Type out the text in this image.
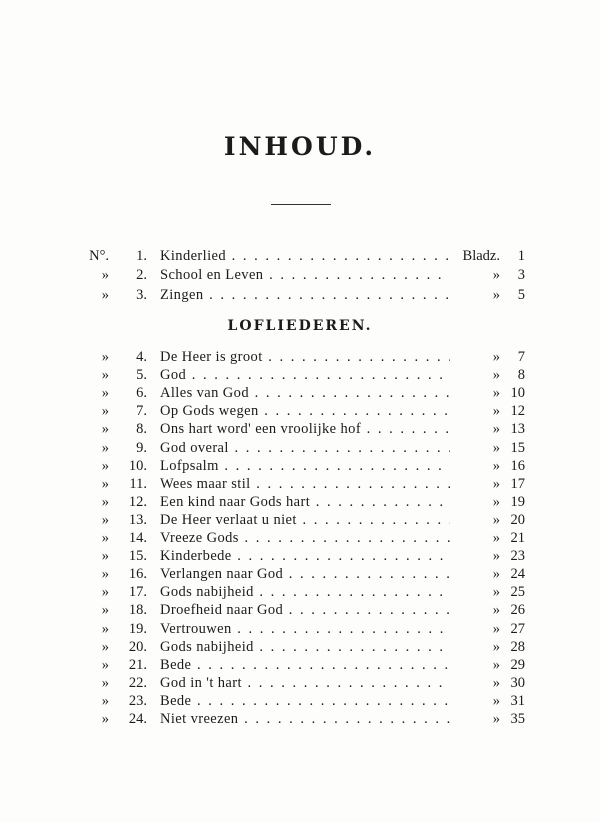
INHOUD.
N°. 1. Kinderlied . . .	Bladz.	1
» 2. School en Leven . . .	»	3
» 3. Zingen . . .	»	5
LOFLIEDEREN.
» 4. De Heer is groot . . .	»	7
» 5. God . . .	»	8
» 6. Alles van God . . .	» 10
» 7. Op Gods wegen . . .	» 12
» 8. Ons hart word' een vroolijke hof . . .	» 13
» 9. God overal . . .	» 15
» 10. Lofpsalm . . .	» 16
» 11. Wees maar stil . . .	» 17
» 12. Een kind naar Gods hart . . .	» 19
» 13. De Heer verlaat u niet . . .	» 20
» 14. Vreeze Gods . . .	» 21
» 15. Kinderbede . . .	» 23
» 16. Verlangen naar God . . .	» 24
» 17. Gods nabijheid . . .	» 25
» 18. Droefheid naar God . . .	» 26
» 19. Vertrouwen . . .	» 27
» 20. Gods nabijheid . . .	» 28
» 21. Bede . . .	» 29
» 22. God in 't hart . . .	» 30
» 23. Bede . . .	» 31
» 24. Niet vreezen . . .	» 35
